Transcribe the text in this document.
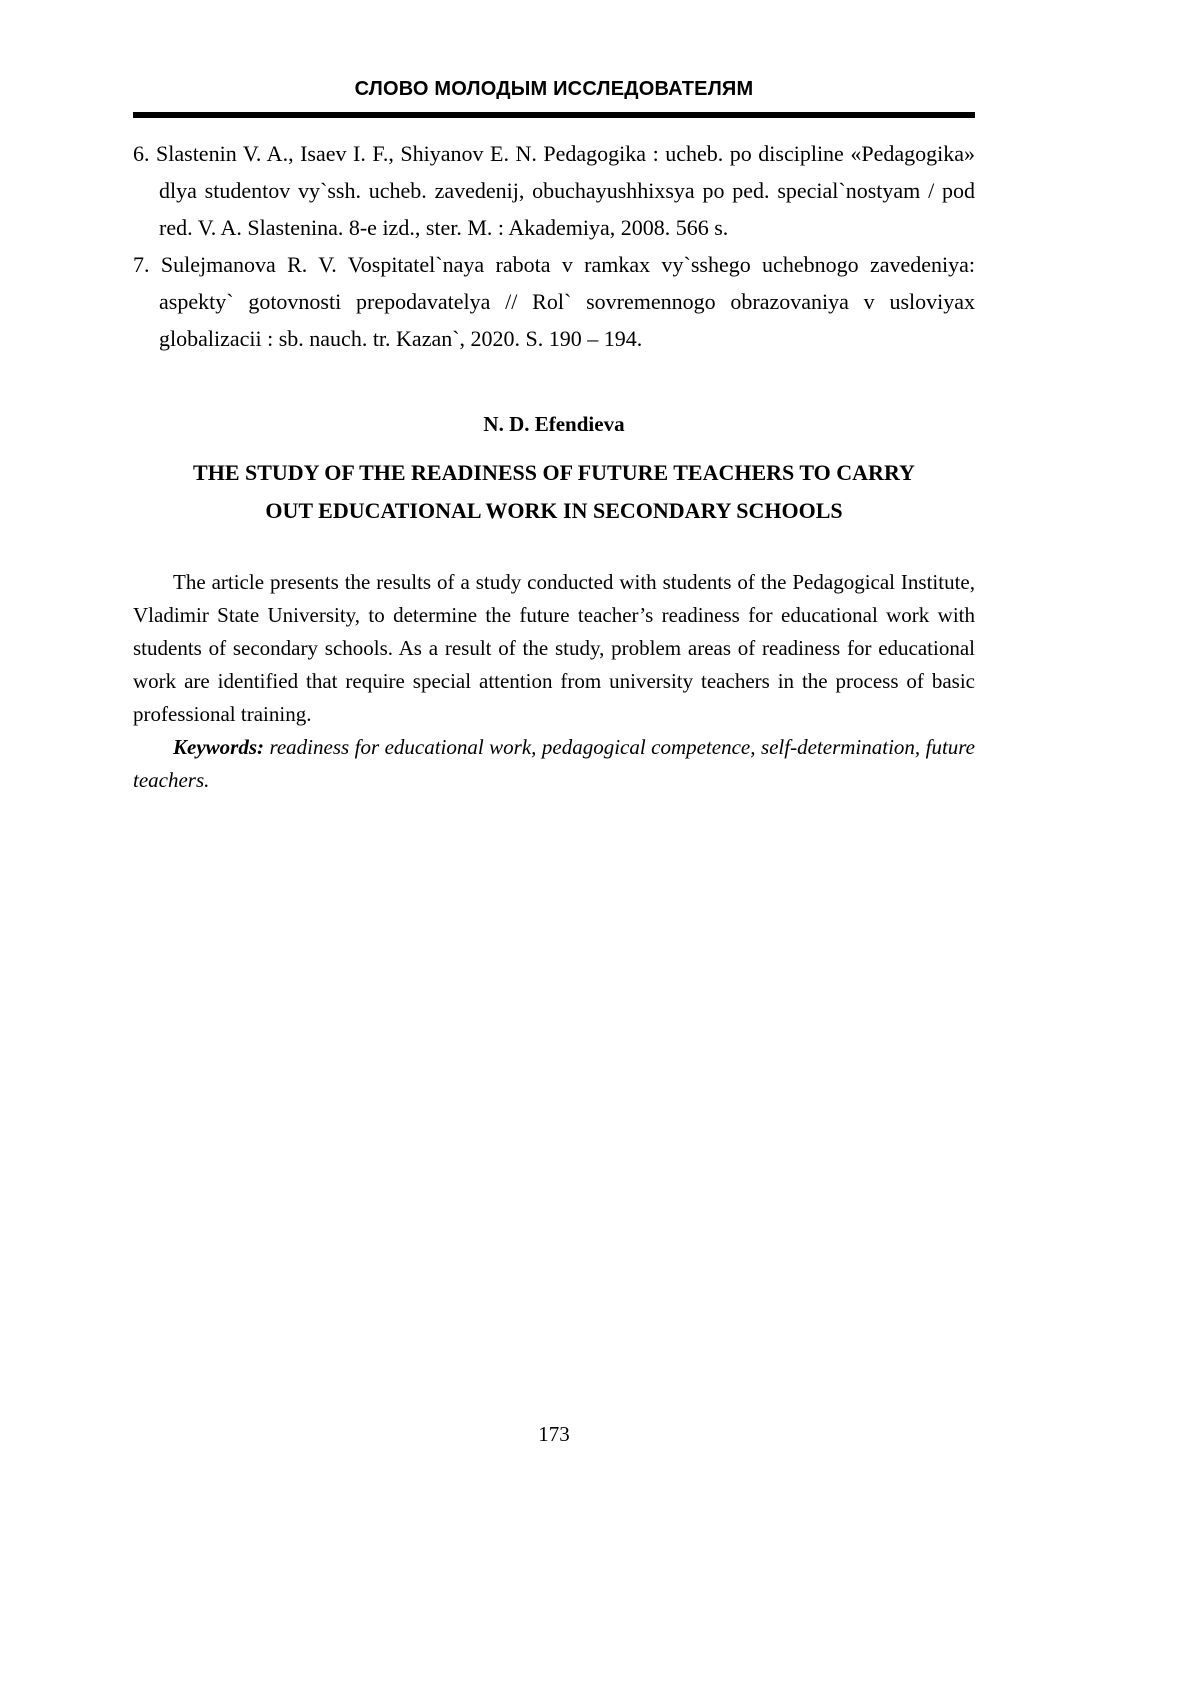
СЛОВО МОЛОДЫМ ИССЛЕДОВАТЕЛЯМ

6. Slastenin V. A., Isaev I. F., Shiyanov E. N. Pedagogika : ucheb. po discipline «Pedagogika» dlya studentov vy`ssh. ucheb. zavedenij, obuchayushhixsya po ped. special`nostyam / pod red. V. A. Slastenina. 8-e izd., ster. M. : Akademiya, 2008. 566 s.

7. Sulejmanova R. V. Vospitatel`naya rabota v ramkax vy`sshego uchebnogo zavedeniya: aspekty` gotovnosti prepodavatelya // Rol` sovremennogo obrazovaniya v usloviyax globalizacii : sb. nauch. tr. Kazan`, 2020. S. 190 – 194.

N. D. Efendieva
THE STUDY OF THE READINESS OF FUTURE TEACHERS TO CARRY
OUT EDUCATIONAL WORK IN SECONDARY SCHOOLS

The article presents the results of a study conducted with students of the Pedagogical Institute, Vladimir State University, to determine the future teacher’s readiness for educational work with students of secondary schools. As a result of the study, problem areas of readiness for educational work are identified that require special attention from university teachers in the process of basic professional training.

Keywords: readiness for educational work, pedagogical competence, self-determination, future teachers.

173
